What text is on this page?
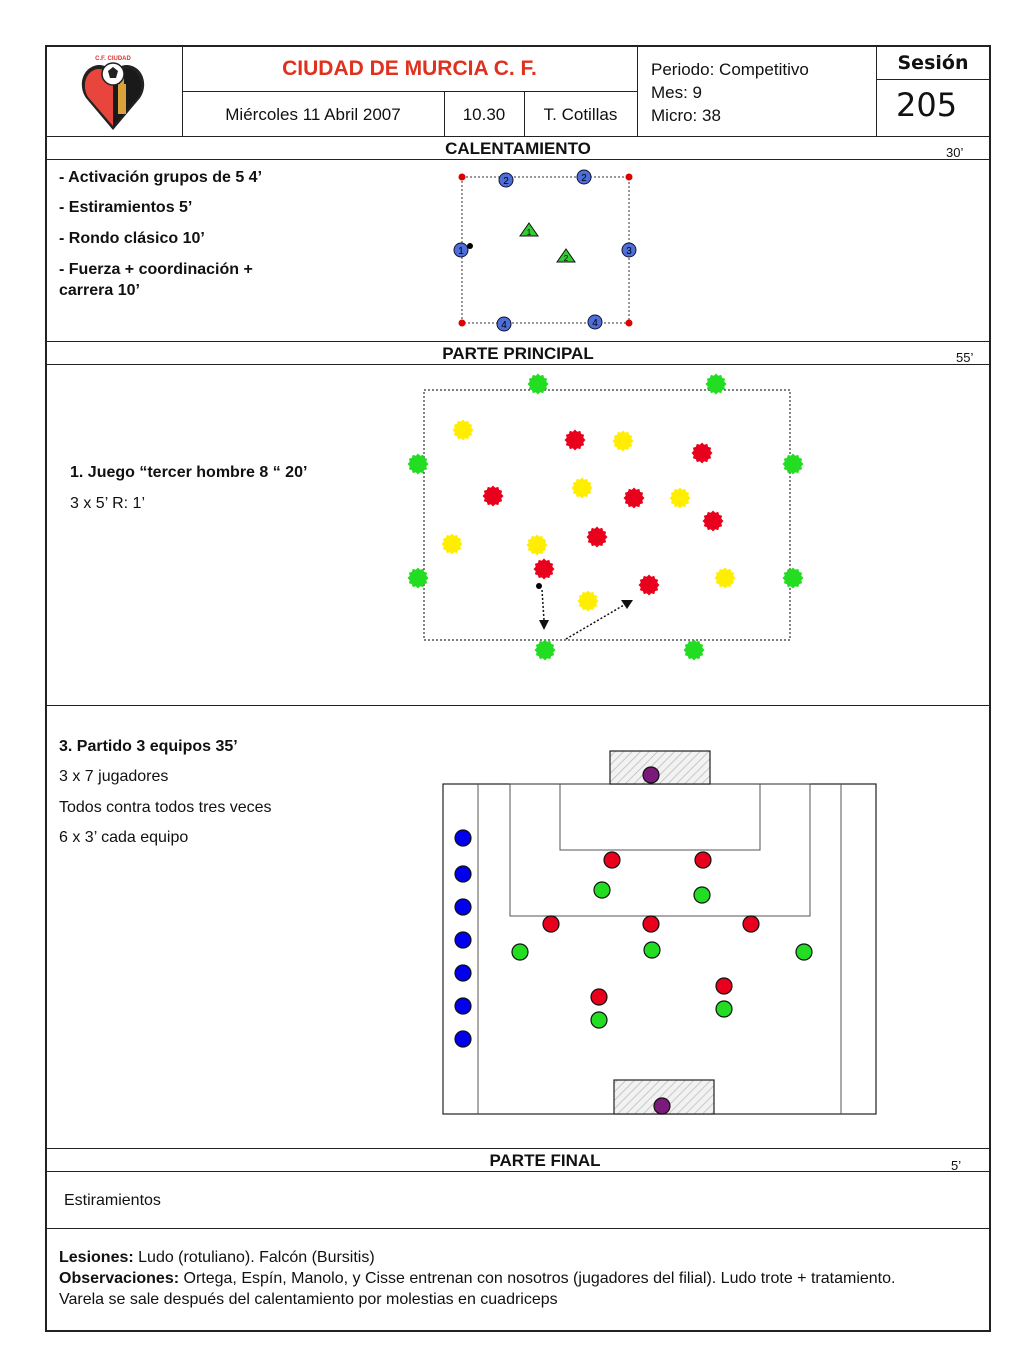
C.F. CIUDAD	CIUDAD DE MURCIA C. F.
Miércoles 11 Abril 2007	10.30	T. Cotillas
Periodo: Competitivo
Mes: 9
Micro: 38
Sesión
205
CALENTAMIENTO	30’
- Activación grupos de 5 4’
- Estiramientos 5’
- Rondo clásico 10’
- Fuerza + coordinación +
carrera 10’
2	2
1	3
4	4
1
2
PARTE PRINCIPAL	55’
1. Juego “tercer hombre 8 “ 20’
3 x 5’ R: 1’
3. Partido 3 equipos 35’
3 x 7 jugadores
Todos contra todos tres veces
6 x 3’ cada equipo
PARTE FINAL	5’
Estiramientos
Lesiones: Ludo (rotuliano). Falcón (Bursitis)
Observaciones: Ortega, Espín, Manolo, y Cisse entrenan con nosotros (jugadores del filial). Ludo trote + tratamiento.
Varela se sale después del calentamiento por molestias en cuadriceps
